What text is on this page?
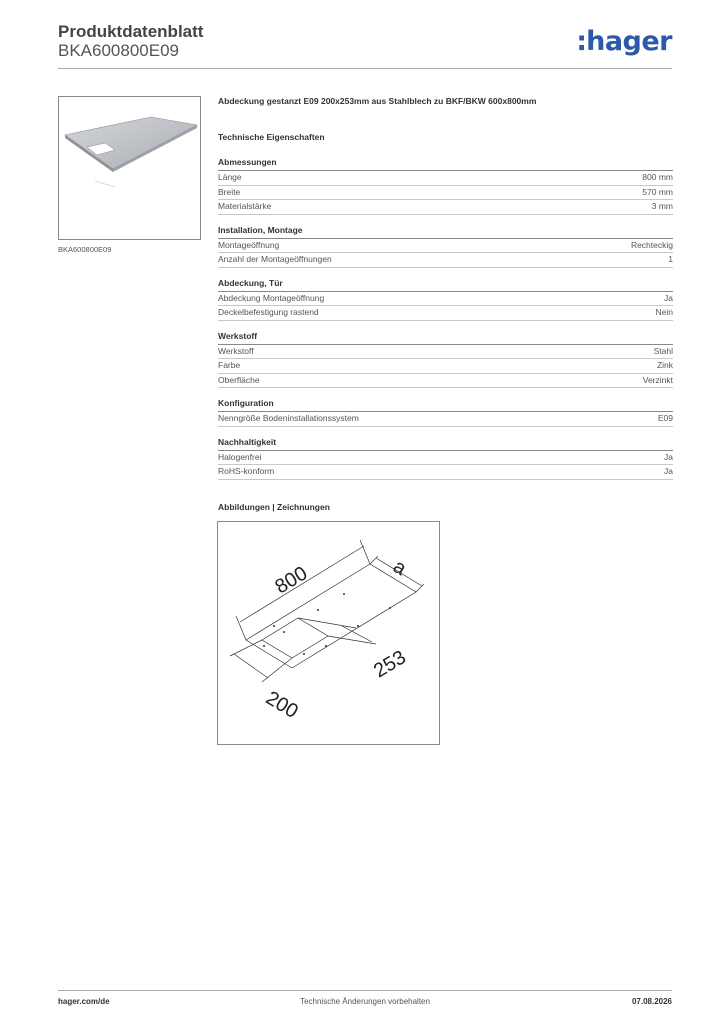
Produktdatenblatt
BKA600800E09	:hager
BKA600800E09
Abdeckung gestanzt E09 200x253mm aus Stahlblech zu BKF/BKW 600x800mm
Technische Eigenschaften
Abmessungen
Länge	800 mm
Breite	570 mm
Materialstärke	3 mm
Installation, Montage
Montageöffnung	Rechteckig
Anzahl der Montageöffnungen	1
Abdeckung, Tür
Abdeckung Montageöffnung	Ja
Deckelbefestigung rastend	Nein
Werkstoff
Werkstoff	Stahl
Farbe	Zink
Oberfläche	Verzinkt
Konfiguration
Nenngröße Bodeninstallationssystem	E09
Nachhaltigkeit
Halogenfrei	Ja
RoHS-konform	Ja
Abbildungen | Zeichnungen
800	a
253
200
hager.com/de	Technische Änderungen vorbehalten	07.08.2026
